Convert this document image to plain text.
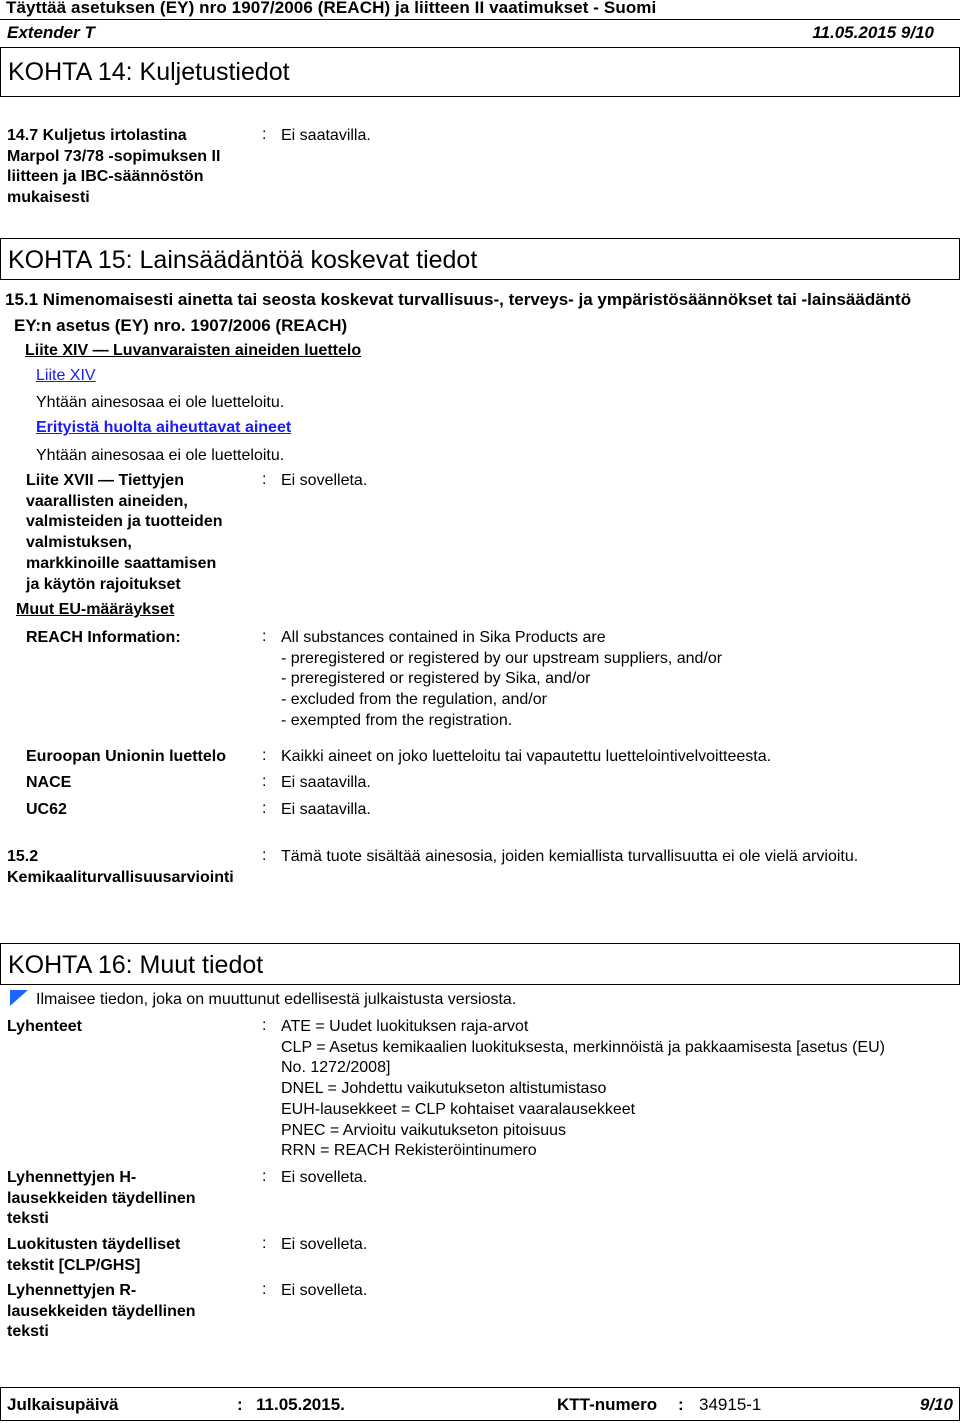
Täyttää asetuksen (EY) nro 1907/2006 (REACH) ja liitteen II vaatimukset - Suomi
Extender T	11.05.2015 9/10
KOHTA 14: Kuljetustiedot
14.7 Kuljetus irtolastina
Marpol 73/78 -sopimuksen II
liitteen ja IBC-säännöstön
mukaisesti
: Ei saatavilla.
KOHTA 15: Lainsäädäntöä koskevat tiedot
15.1 Nimenomaisesti ainetta tai seosta koskevat turvallisuus-, terveys- ja ympäristösäännökset tai -lainsäädäntö
EY:n asetus (EY) nro. 1907/2006 (REACH)
Liite XIV — Luvanvaraisten aineiden luettelo
Liite XIV
Yhtään ainesosaa ei ole luetteloitu.
Erityistä huolta aiheuttavat aineet
Yhtään ainesosaa ei ole luetteloitu.
Liite XVII — Tiettyjen
vaarallisten aineiden,
valmisteiden ja tuotteiden
valmistuksen,
markkinoille saattamisen
ja käytön rajoitukset
: Ei sovelleta.
Muut EU-määräykset
REACH Information:	: All substances contained in Sika Products are
- preregistered or registered by our upstream suppliers, and/or
- preregistered or registered by Sika, and/or
- excluded from the regulation, and/or
- exempted from the registration.
Euroopan Unionin luettelo : Kaikki aineet on joko luetteloitu tai vapautettu luettelointivelvoitteesta.
NACE	: Ei saatavilla.
UC62	: Ei saatavilla.
15.2
Kemikaaliturvallisuusarviointi
: Tämä tuote sisältää ainesosia, joiden kemiallista turvallisuutta ei ole vielä arvioitu.
KOHTA 16: Muut tiedot
Ilmaisee tiedon, joka on muuttunut edellisestä julkaistusta versiosta.
Lyhenteet	: ATE = Uudet luokituksen raja-arvot
CLP = Asetus kemikaalien luokituksesta, merkinnöistä ja pakkaamisesta [asetus (EU)
No. 1272/2008]
DNEL = Johdettu vaikutukseton altistumistaso
EUH-lausekkeet = CLP kohtaiset vaaralausekkeet
PNEC = Arvioitu vaikutukseton pitoisuus
RRN = REACH Rekisteröintinumero
Lyhennettyjen H-
lausekkeiden täydellinen
teksti
: Ei sovelleta.
Luokitusten täydelliset
tekstit [CLP/GHS]
: Ei sovelleta.
Lyhennettyjen R-
lausekkeiden täydellinen
teksti
: Ei sovelleta.
Julkaisupäivä	: 11.05.2015.	KTT-numero : 34915-1	9/10
